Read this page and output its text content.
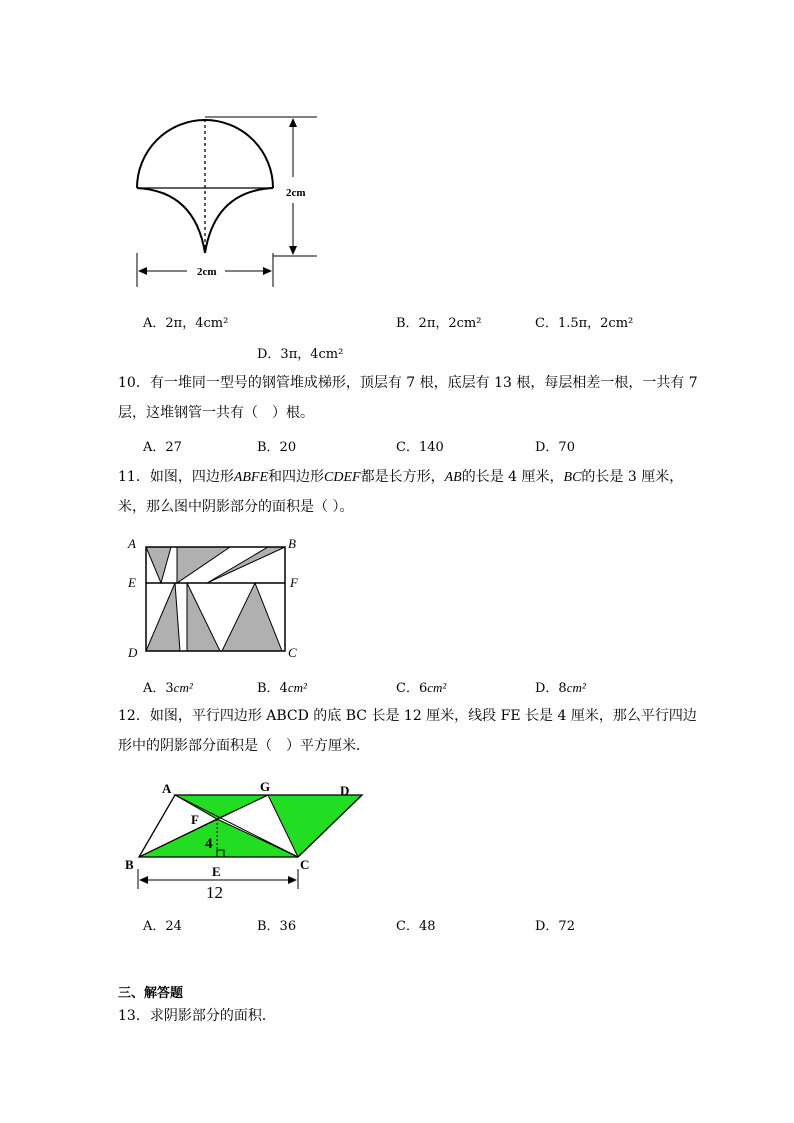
2cm
2cm
A．2π，4cm²	B．2π，2cm²	C．1.5π，2cm²
D．3π，4cm²
10．有一堆同一型号的钢管堆成梯形，顶层有 7 根，底层有 13 根，每层相差一根，一共有 7
层，这堆钢管一共有（　）根。
A．27	B．20	C．140	D．70
11．如图，四边形ABFE和四边形CDEF都是长方形，AB的长是 4 厘米，BC的长是 3 厘米，
米，那么图中阴影部分的面积是（ ）。
A	B
E	F
D	C
A．3cm²	B．4cm²	C．6cm²	D．8cm²
12．如图，平行四边形 ABCD 的底 BC 长是 12 厘米，线段 FE 长是 4 厘米，那么平行四边
形中的阴影部分面积是（　）平方厘米．
A	G	D
F
4
B	C
E
12
A．24	B．36	C．48	D．72
三、解答题
13．求阴影部分的面积．
